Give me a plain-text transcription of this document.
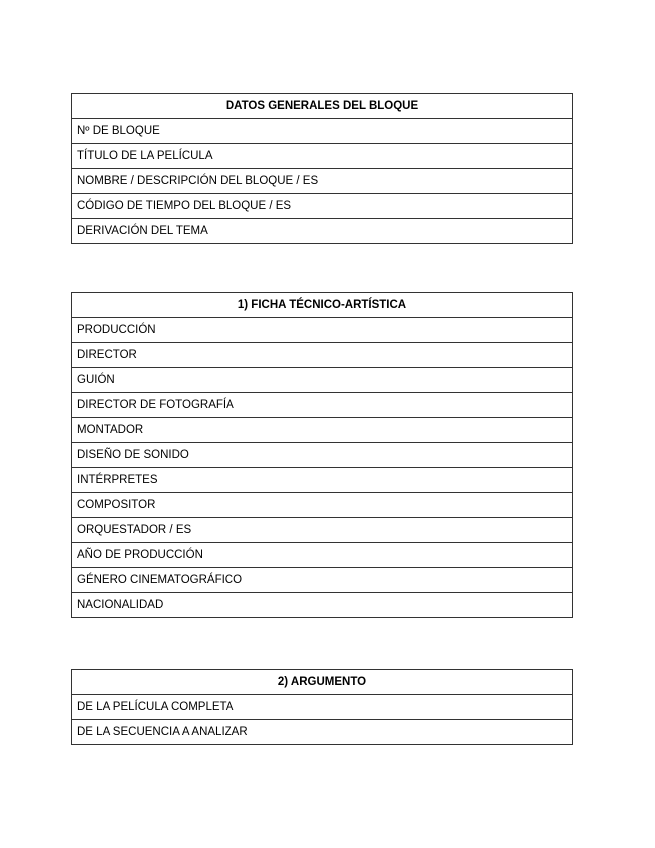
DATOS GENERALES DEL BLOQUE
Nº DE BLOQUE
TÍTULO DE LA PELÍCULA
NOMBRE / DESCRIPCIÓN DEL BLOQUE / ES
CÓDIGO DE TIEMPO DEL BLOQUE / ES
DERIVACIÓN DEL TEMA
1) FICHA TÉCNICO-ARTÍSTICA
PRODUCCIÓN
DIRECTOR
GUIÓN
DIRECTOR DE FOTOGRAFÍA
MONTADOR
DISEÑO DE SONIDO
INTÉRPRETES
COMPOSITOR
ORQUESTADOR / ES
AÑO DE PRODUCCIÓN
GÉNERO CINEMATOGRÁFICO
NACIONALIDAD
2) ARGUMENTO
DE LA PELÍCULA COMPLETA
DE LA SECUENCIA A ANALIZAR
